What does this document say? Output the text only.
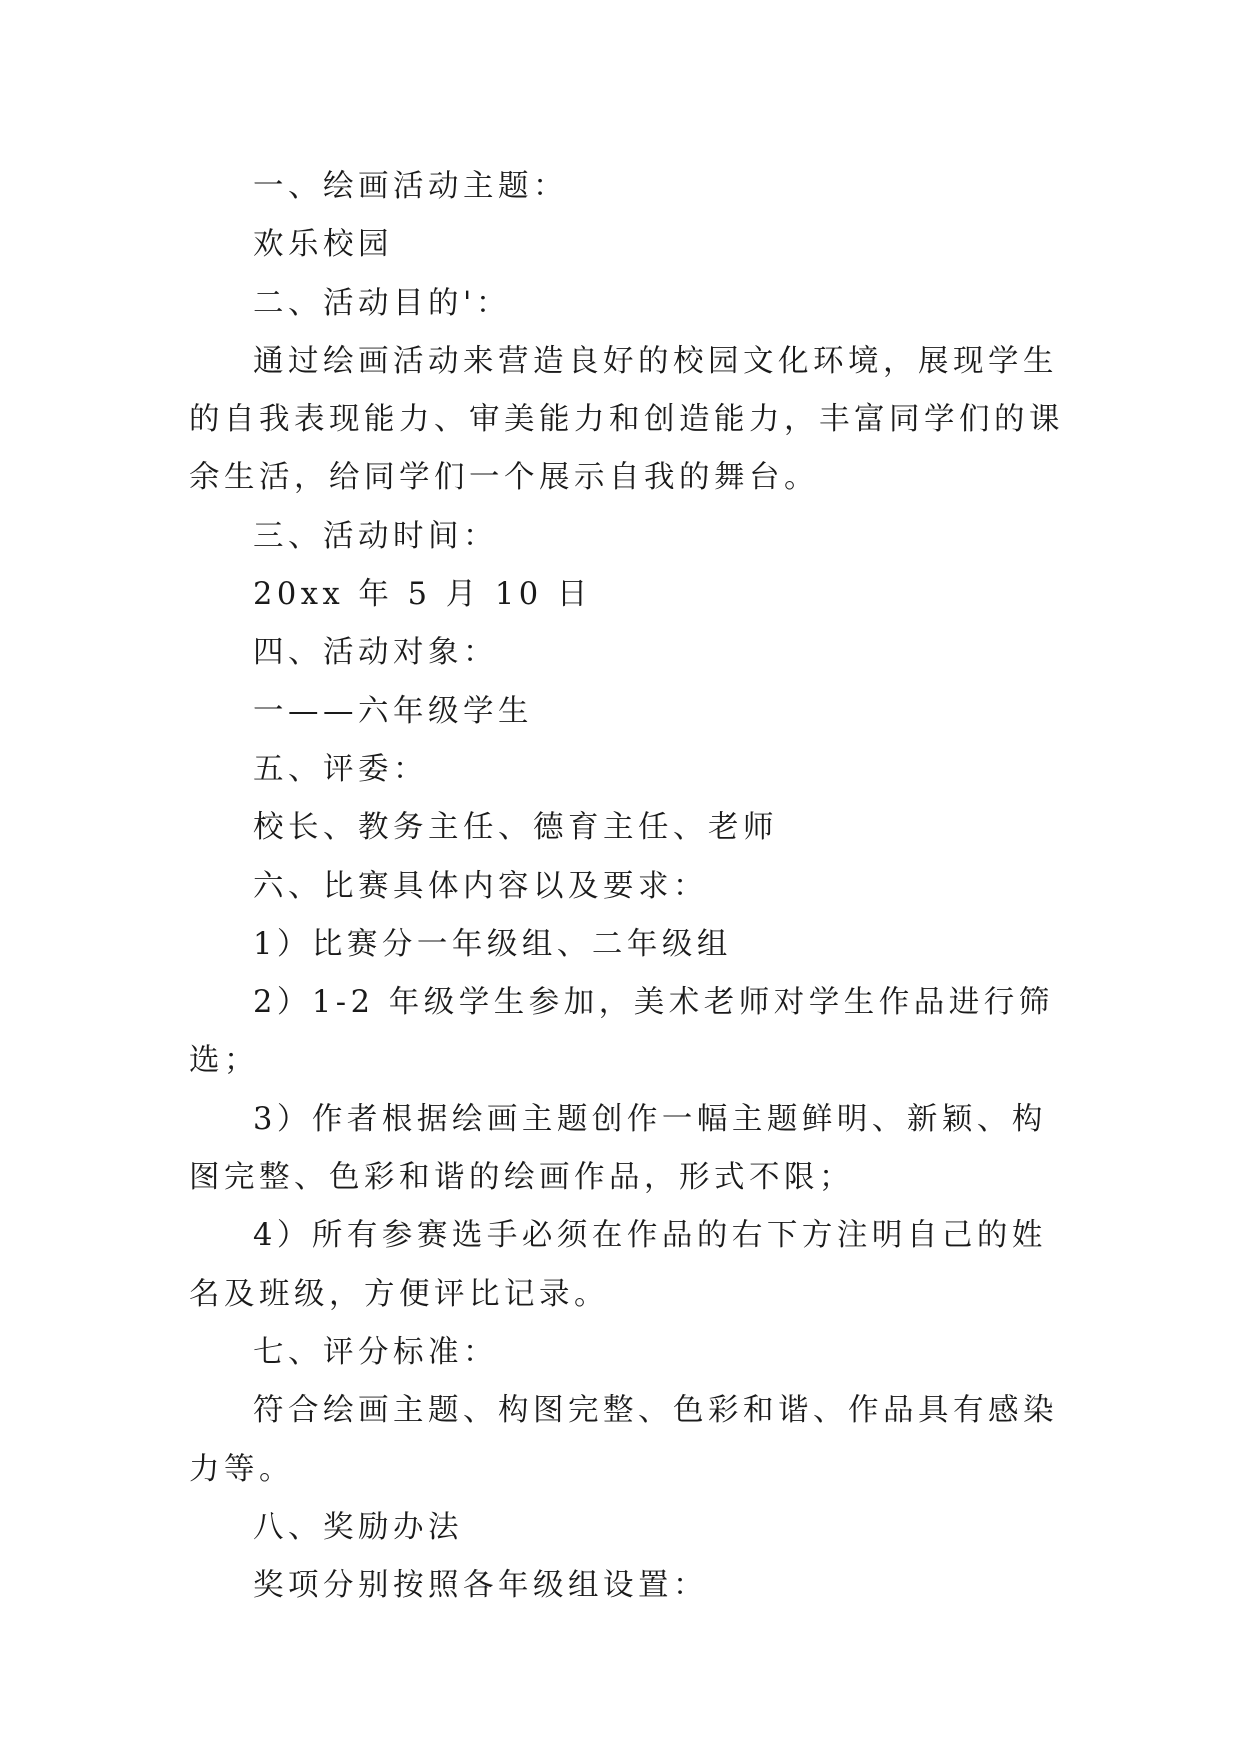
一、绘画活动主题：

欢乐校园

二、活动目的'：

通过绘画活动来营造良好的校园文化环境，展现学生的自我表现能力、审美能力和创造能力，丰富同学们的课余生活，给同学们一个展示自我的舞台。

三、活动时间：

20xx 年 5 月 10 日

四、活动对象：

一——六年级学生

五、评委：

校长、教务主任、德育主任、老师

六、比赛具体内容以及要求：

1）比赛分一年级组、二年级组

2）1-2 年级学生参加，美术老师对学生作品进行筛选；

3）作者根据绘画主题创作一幅主题鲜明、新颖、构图完整、色彩和谐的绘画作品，形式不限；

4）所有参赛选手必须在作品的右下方注明自己的姓名及班级，方便评比记录。

七、评分标准：

符合绘画主题、构图完整、色彩和谐、作品具有感染力等。

八、奖励办法

奖项分别按照各年级组设置：
